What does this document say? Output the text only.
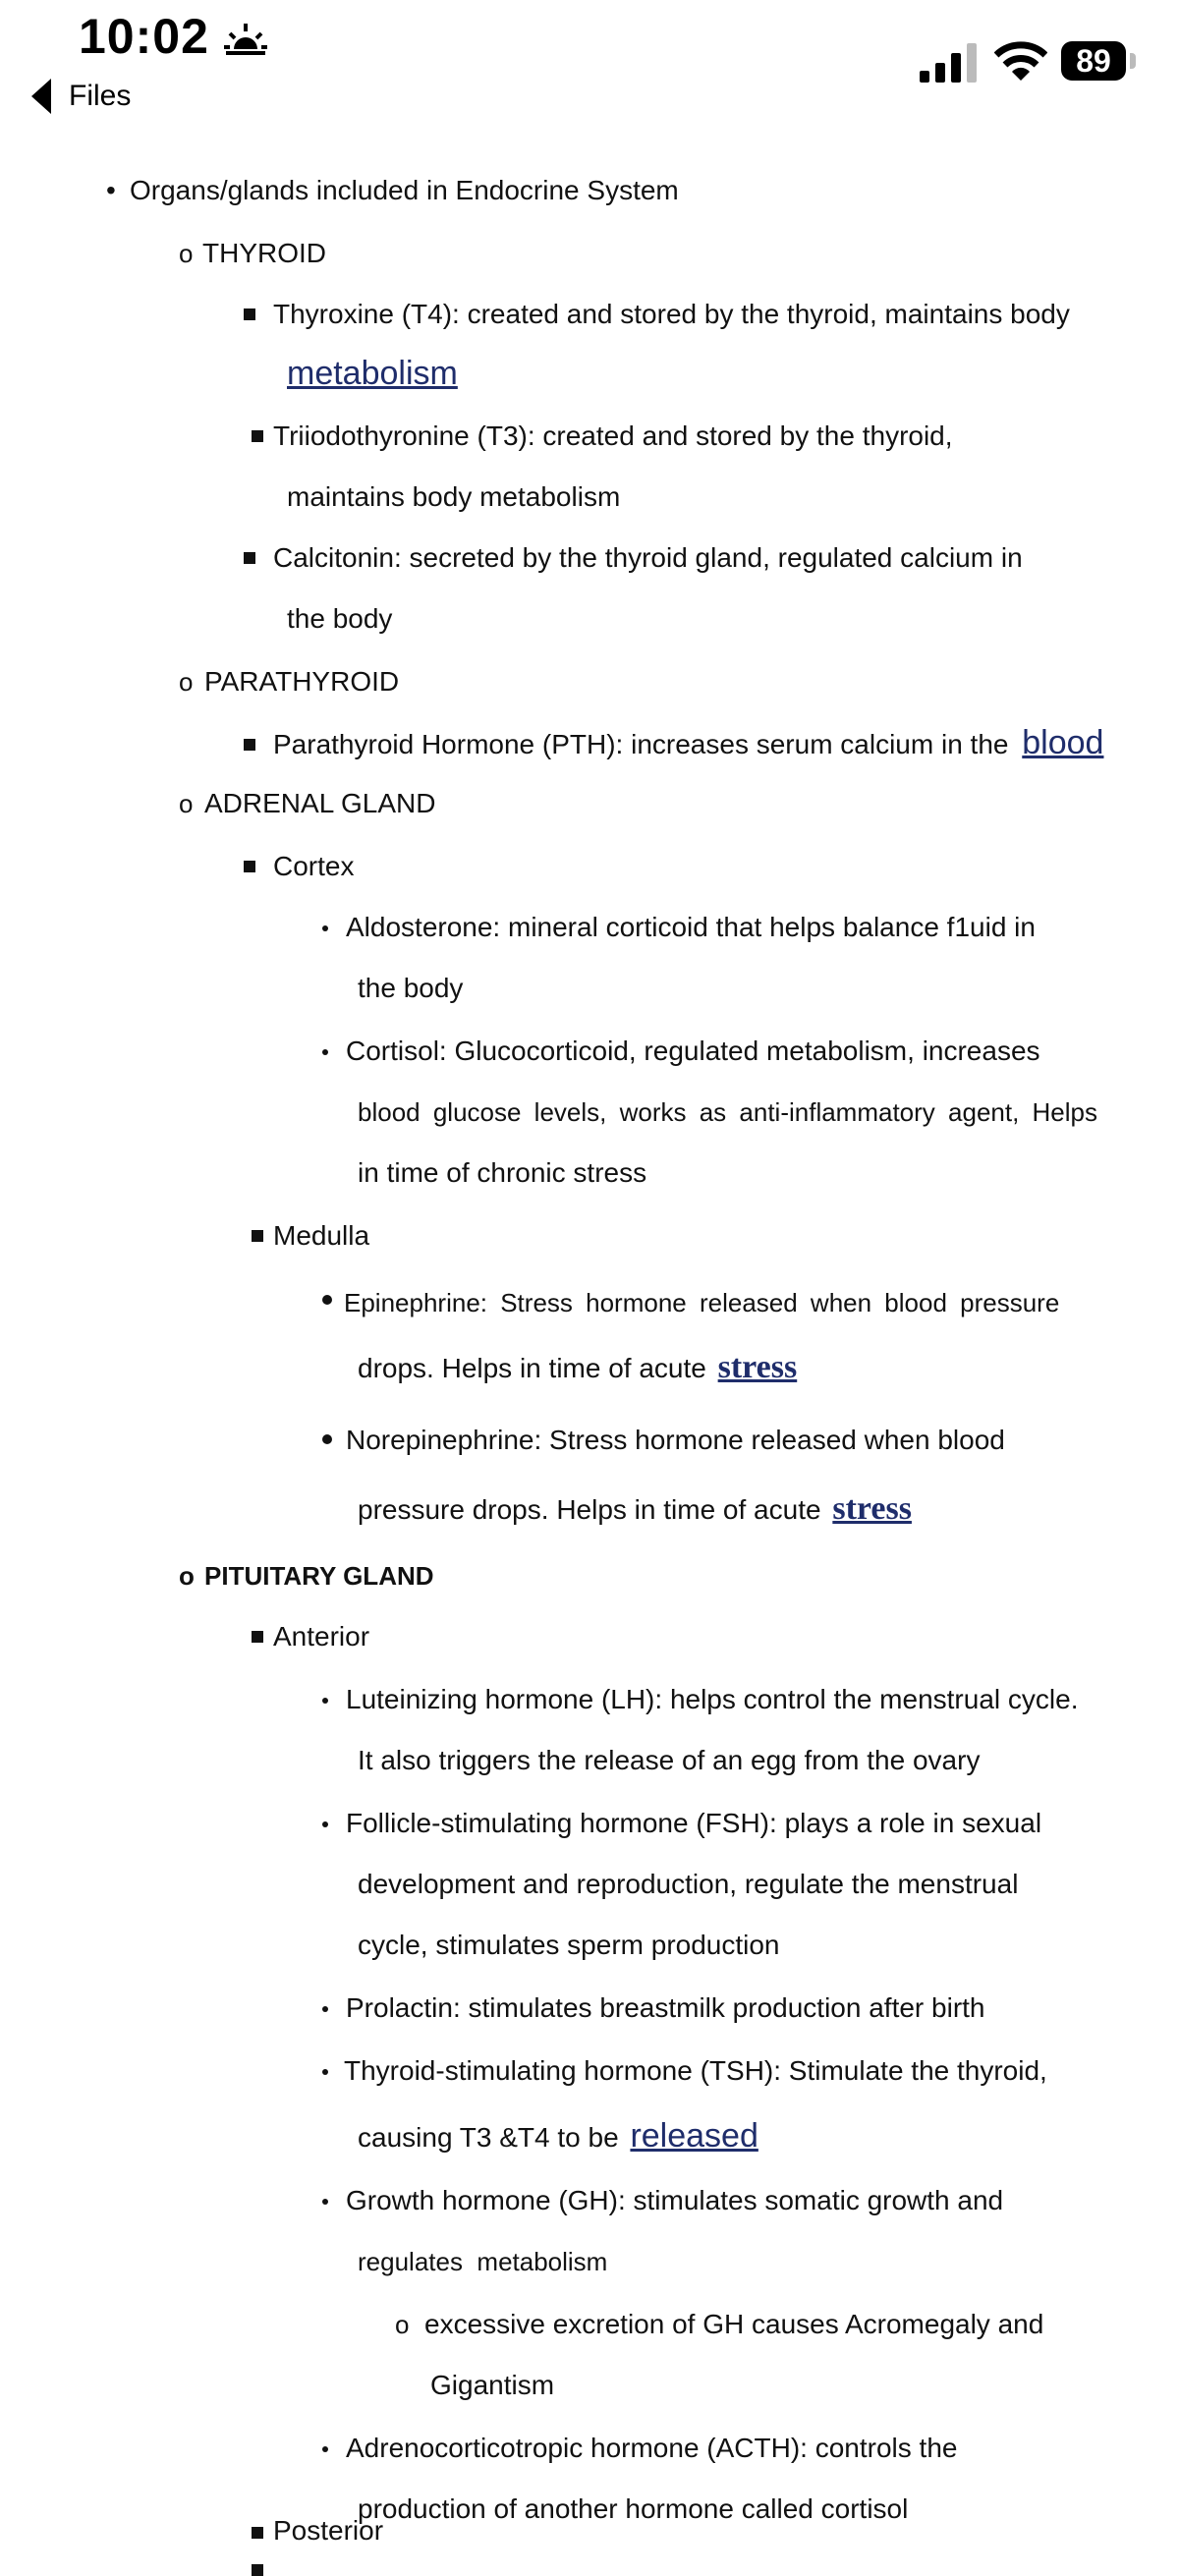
10:02
Files
89
• Organs/glands included in Endocrine System
o THYROID
Thyroxine (T4): created and stored by the thyroid, maintains body
metabolism
Triiodothyronine (T3): created and stored by the thyroid,
maintains body metabolism
Calcitonin: secreted by the thyroid gland, regulated calcium in
the body
o PARATHYROID
Parathyroid Hormone (PTH): increases serum calcium in the blood
o ADRENAL GLAND
Cortex
Aldosterone: mineral corticoid that helps balance f1uid in
the body
Cortisol: Glucocorticoid, regulated metabolism, increases
blood glucose levels, works as anti-inflammatory agent, Helps
in time of chronic stress
Medulla
Epinephrine: Stress hormone released when blood pressure
drops. Helps in time of acute stress
Norepinephrine: Stress hormone released when blood
pressure drops. Helps in time of acute stress
o PITUITARY GLAND
Anterior
Luteinizing hormone (LH): helps control the menstrual cycle.
It also triggers the release of an egg from the ovary
Follicle-stimulating hormone (FSH): plays a role in sexual
development and reproduction, regulate the menstrual
cycle, stimulates sperm production
Prolactin: stimulates breastmilk production after birth
Thyroid-stimulating hormone (TSH): Stimulate the thyroid,
causing T3 &T4 to be released
Growth hormone (GH): stimulates somatic growth and
regulates  metabolism
o excessive excretion of GH causes Acromegaly and
Gigantism
Adrenocorticotropic hormone (ACTH): controls the
production of another hormone called cortisol
Posterior
